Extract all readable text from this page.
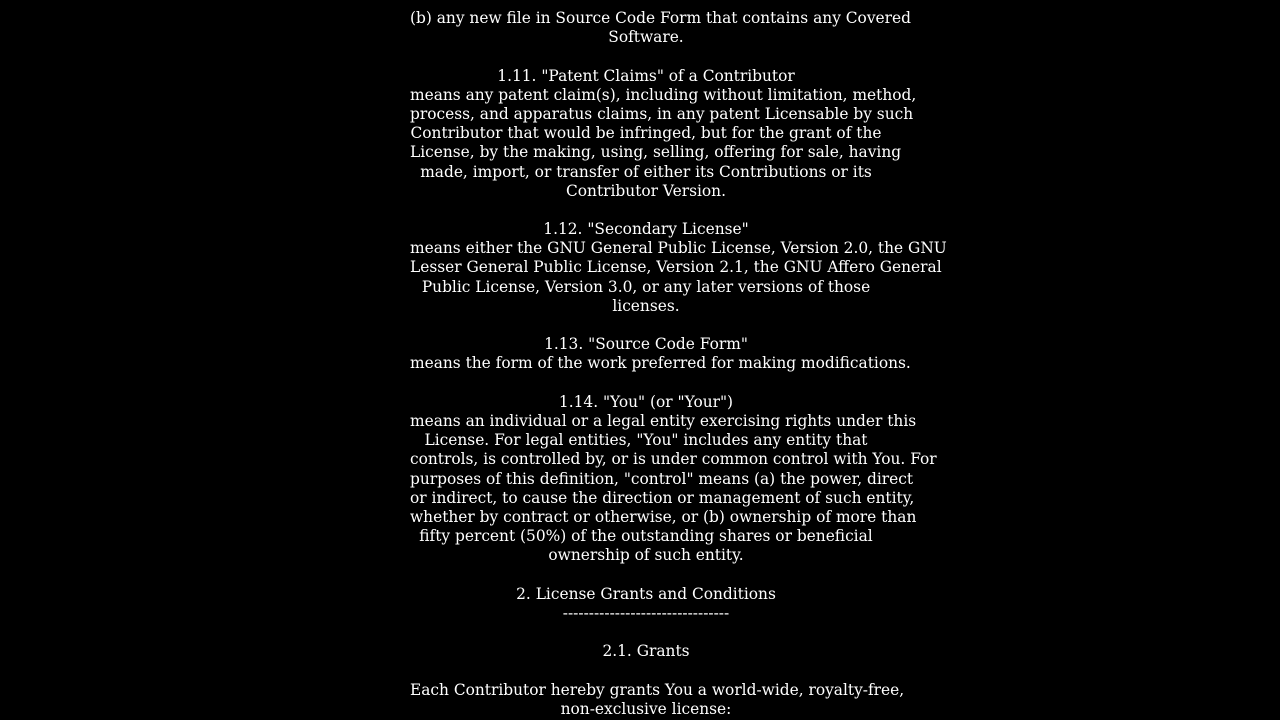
(b) any new file in Source Code Form that contains any Covered
Software.
1.11. "Patent Claims" of a Contributor
means any patent claim(s), including without limitation, method,
process, and apparatus claims, in any patent Licensable by such
Contributor that would be infringed, but for the grant of the
License, by the making, using, selling, offering for sale, having
made, import, or transfer of either its Contributions or its
Contributor Version.
1.12. "Secondary License"
means either the GNU General Public License, Version 2.0, the GNU
Lesser General Public License, Version 2.1, the GNU Affero General
Public License, Version 3.0, or any later versions of those
licenses.
1.13. "Source Code Form"
means the form of the work preferred for making modifications.
1.14. "You" (or "Your")
means an individual or a legal entity exercising rights under this
License. For legal entities, "You" includes any entity that
controls, is controlled by, or is under common control with You. For
purposes of this definition, "control" means (a) the power, direct
or indirect, to cause the direction or management of such entity,
whether by contract or otherwise, or (b) ownership of more than
fifty percent (50%) of the outstanding shares or beneficial
ownership of such entity.
2. License Grants and Conditions
--------------------------------
2.1. Grants
Each Contributor hereby grants You a world-wide, royalty-free,
non-exclusive license:
